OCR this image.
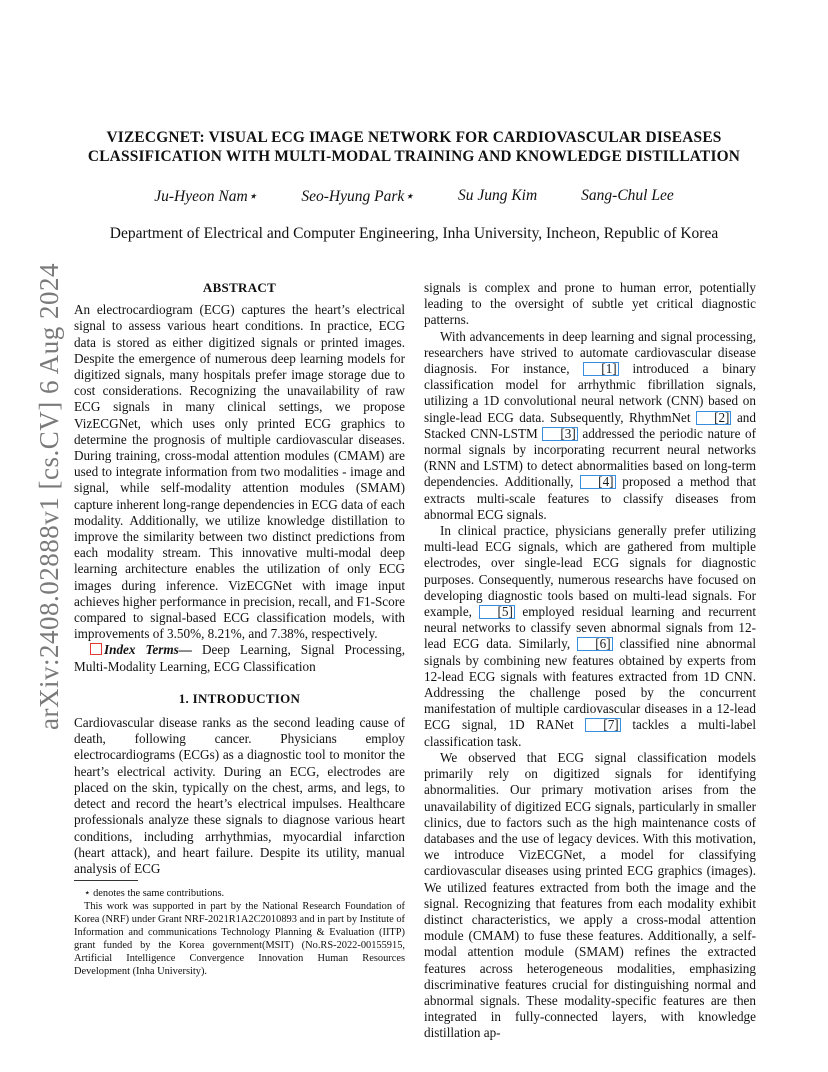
arXiv:2408.02888v1 [cs.CV] 6 Aug 2024
VIZECGNET: VISUAL ECG IMAGE NETWORK FOR CARDIOVASCULAR DISEASES
CLASSIFICATION WITH MULTI-MODAL TRAINING AND KNOWLEDGE DISTILLATION
Ju-Hyeon Nam⋆	Seo-Hyung Park⋆	Su Jung Kim	Sang-Chul Lee
Department of Electrical and Computer Engineering, Inha University, Incheon, Republic of Korea
ABSTRACT

An electrocardiogram (ECG) captures the heart’s electrical signal to assess various heart conditions. In practice, ECG data is stored as either digitized signals or printed images. Despite the emergence of numerous deep learning models for digitized signals, many hospitals prefer image storage due to cost considerations. Recognizing the unavailability of raw ECG signals in many clinical settings, we propose VizECGNet, which uses only printed ECG graphics to determine the prognosis of multiple cardiovascular diseases. During training, cross-modal attention modules (CMAM) are used to integrate information from two modalities - image and signal, while self-modality attention modules (SMAM) capture inherent long-range dependencies in ECG data of each modality. Additionally, we utilize knowledge distillation to improve the similarity between two distinct predictions from each modality stream. This innovative multi-modal deep learning architecture enables the utilization of only ECG images during inference. VizECGNet with image input achieves higher performance in precision, recall, and F1-Score compared to signal-based ECG classification models, with improvements of 3.50%, 8.21%, and 7.38%, respectively.

Index Terms— Deep Learning, Signal Processing, Multi-Modality Learning, ECG Classification

1. INTRODUCTION

Cardiovascular disease ranks as the second leading cause of death, following cancer. Physicians employ electrocardiograms (ECGs) as a diagnostic tool to monitor the heart’s electrical activity. During an ECG, electrodes are placed on the skin, typically on the chest, arms, and legs, to detect and record the heart’s electrical impulses. Healthcare professionals analyze these signals to diagnose various heart conditions, including arrhythmias, myocardial infarction (heart attack), and heart failure. Despite its utility, manual analysis of ECG

signals is complex and prone to human error, potentially leading to the oversight of subtle yet critical diagnostic patterns.

With advancements in deep learning and signal processing, researchers have strived to automate cardiovascular disease diagnosis. For instance, [1] introduced a binary classification model for arrhythmic fibrillation signals, utilizing a 1D convolutional neural network (CNN) based on single-lead ECG data. Subsequently, RhythmNet [2] and Stacked CNN-LSTM [3] addressed the periodic nature of normal signals by incorporating recurrent neural networks (RNN and LSTM) to detect abnormalities based on long-term dependencies. Additionally, [4] proposed a method that extracts multi-scale features to classify diseases from abnormal ECG signals.

In clinical practice, physicians generally prefer utilizing multi-lead ECG signals, which are gathered from multiple electrodes, over single-lead ECG signals for diagnostic purposes. Consequently, numerous researchs have focused on developing diagnostic tools based on multi-lead signals. For example, [5] employed residual learning and recurrent neural networks to classify seven abnormal signals from 12-lead ECG data. Similarly, [6] classified nine abnormal signals by combining new features obtained by experts from 12-lead ECG signals with features extracted from 1D CNN. Addressing the challenge posed by the concurrent manifestation of multiple cardiovascular diseases in a 12-lead ECG signal, 1D RANet [7] tackles a multi-label classification task.

We observed that ECG signal classification models primarily rely on digitized signals for identifying abnormalities. Our primary motivation arises from the unavailability of digitized ECG signals, particularly in smaller clinics, due to factors such as the high maintenance costs of databases and the use of legacy devices. With this motivation, we introduce VizECGNet, a model for classifying cardiovascular diseases using printed ECG graphics (images). We utilized features extracted from both the image and the signal. Recognizing that features from each modality exhibit distinct characteristics, we apply a cross-modal attention module (CMAM) to fuse these features. Additionally, a self-modal attention module (SMAM) refines the extracted features across heterogeneous modalities, emphasizing discriminative features crucial for distinguishing normal and abnormal signals. These modality-specific features are then integrated in fully-connected layers, with knowledge distillation ap-

⋆ denotes the same contributions.

This work was supported in part by the National Research Foundation of Korea (NRF) under Grant NRF-2021R1A2C2010893 and in part by Institute of Information and communications Technology Planning & Evaluation (IITP) grant funded by the Korea government(MSIT) (No.RS-2022-00155915, Artificial Intelligence Convergence Innovation Human Resources Development (Inha University).
